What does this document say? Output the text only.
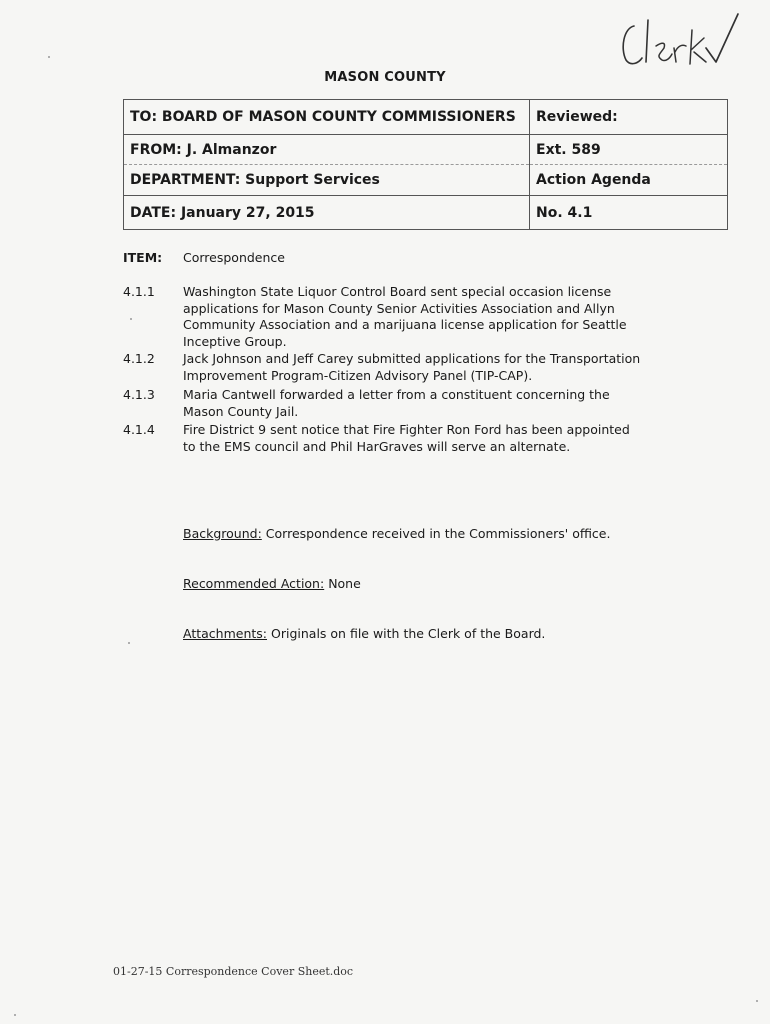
MASON COUNTY
TO: BOARD OF MASON COUNTY COMMISSIONERS	Reviewed:
FROM: J. Almanzor	Ext. 589
DEPARTMENT: Support Services	Action Agenda
DATE: January 27, 2015	No. 4.1
ITEM: Correspondence
4.1.1 Washington State Liquor Control Board sent special occasion license applications for Mason County Senior Activities Association and Allyn Community Association and a marijuana license application for Seattle Inceptive Group.
4.1.2 Jack Johnson and Jeff Carey submitted applications for the Transportation Improvement Program-Citizen Advisory Panel (TIP-CAP).
4.1.3 Maria Cantwell forwarded a letter from a constituent concerning the Mason County Jail.
4.1.4 Fire District 9 sent notice that Fire Fighter Ron Ford has been appointed to the EMS council and Phil HarGraves will serve an alternate.
Background: Correspondence received in the Commissioners' office.
Recommended Action: None
Attachments: Originals on file with the Clerk of the Board.
01-27-15 Correspondence Cover Sheet.doc
